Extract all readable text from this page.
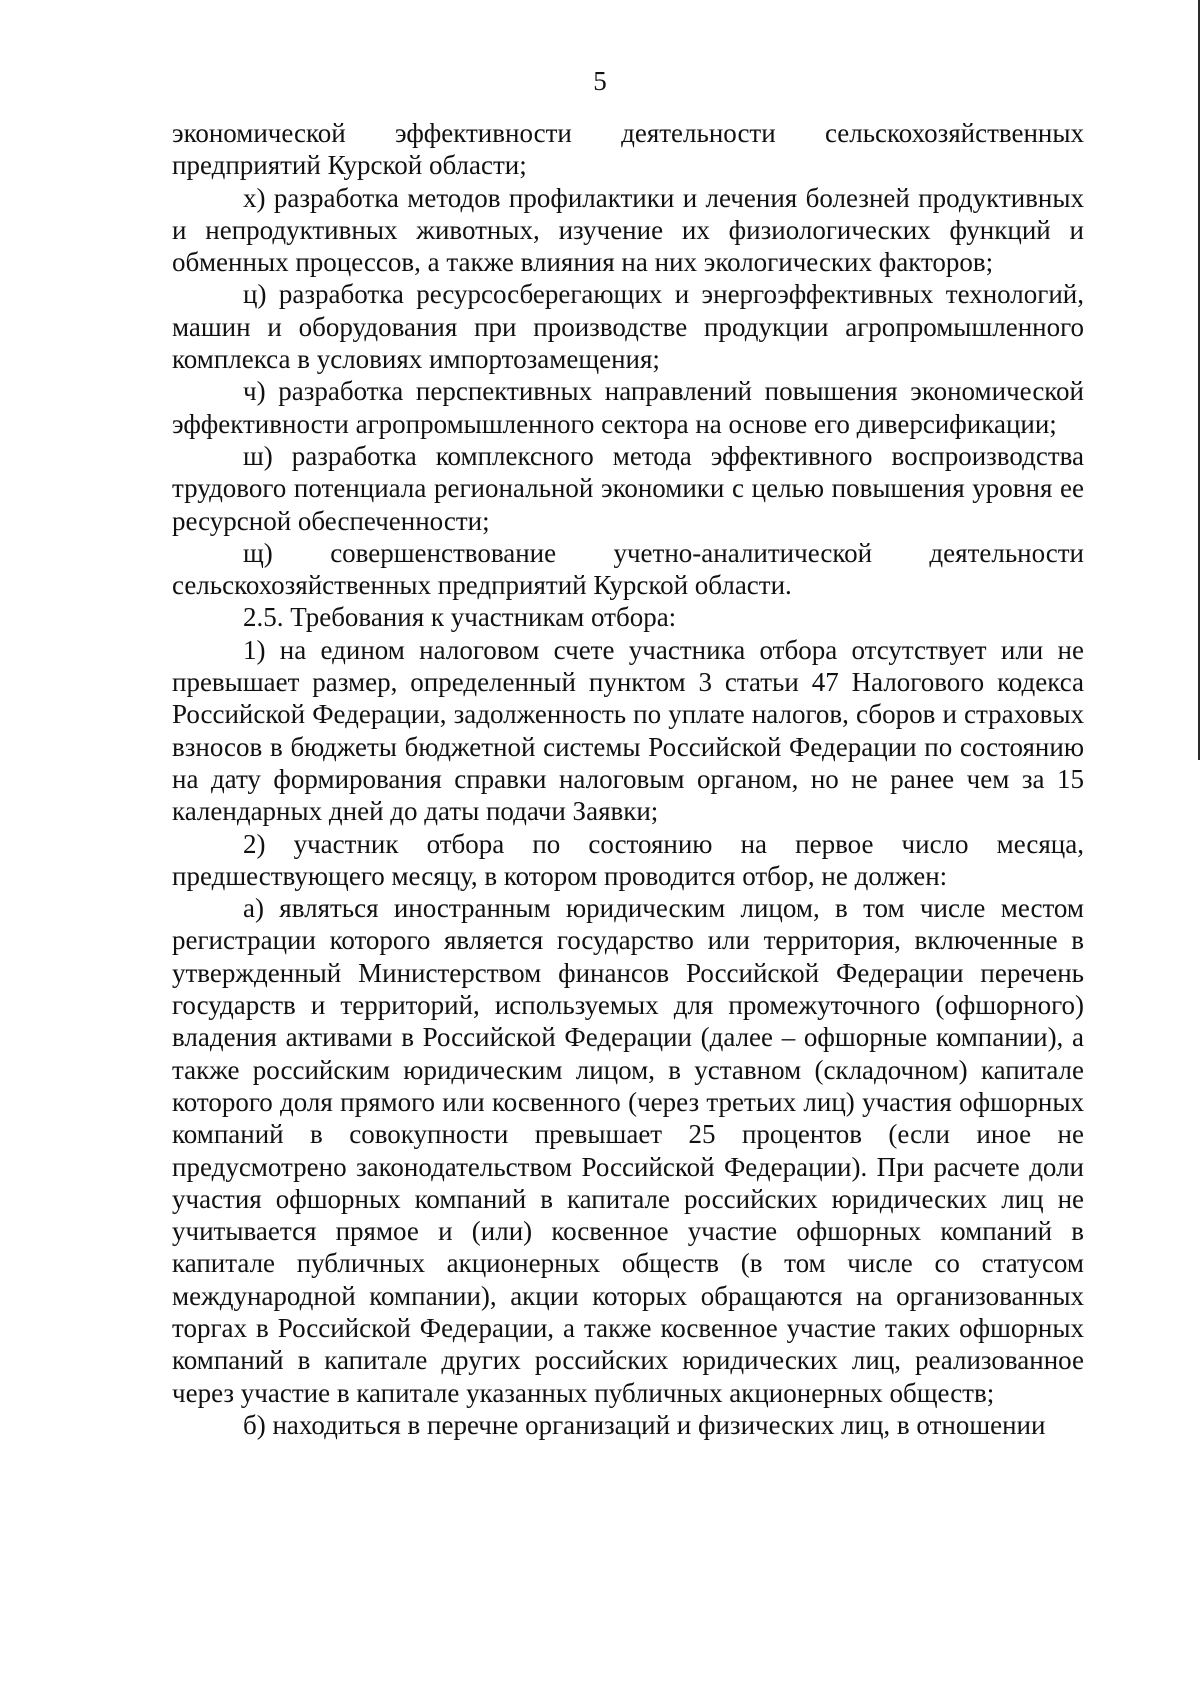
5

экономической эффективности деятельности сельскохозяйственных предприятий Курской области;

х) разработка методов профилактики и лечения болезней продуктивных и непродуктивных животных, изучение их физиологических функций и обменных процессов, а также влияния на них экологических факторов;

ц) разработка ресурсосберегающих и энергоэффективных технологий, машин и оборудования при производстве продукции агропромышленного комплекса в условиях импортозамещения;

ч) разработка перспективных направлений повышения экономической эффективности агропромышленного сектора на основе его диверсификации;

ш) разработка комплексного метода эффективного воспроизводства трудового потенциала региональной экономики с целью повышения уровня ее ресурсной обеспеченности;

щ) совершенствование учетно-аналитической деятельности сельскохозяйственных предприятий Курской области.

2.5. Требования к участникам отбора:

1) на едином налоговом счете участника отбора отсутствует или не превышает размер, определенный пунктом 3 статьи 47 Налогового кодекса Российской Федерации, задолженность по уплате налогов, сборов и страховых взносов в бюджеты бюджетной системы Российской Федерации по состоянию на дату формирования справки налоговым органом, но не ранее чем за 15 календарных дней до даты подачи Заявки;

2) участник отбора по состоянию на первое число месяца, предшествующего месяцу, в котором проводится отбор, не должен:

а) являться иностранным юридическим лицом, в том числе местом регистрации которого является государство или территория, включенные в утвержденный Министерством финансов Российской Федерации перечень государств и территорий, используемых для промежуточного (офшорного) владения активами в Российской Федерации (далее – офшорные компании), а также российским юридическим лицом, в уставном (складочном) капитале которого доля прямого или косвенного (через третьих лиц) участия офшорных компаний в совокупности превышает 25 процентов (если иное не предусмотрено законодательством Российской Федерации). При расчете доли участия офшорных компаний в капитале российских юридических лиц не учитывается прямое и (или) косвенное участие офшорных компаний в капитале публичных акционерных обществ (в том числе со статусом международной компании), акции которых обращаются на организованных торгах в Российской Федерации, а также косвенное участие таких офшорных компаний в капитале других российских юридических лиц, реализованное через участие в капитале указанных публичных акционерных обществ;

б) находиться в перечне организаций и физических лиц, в отношении
